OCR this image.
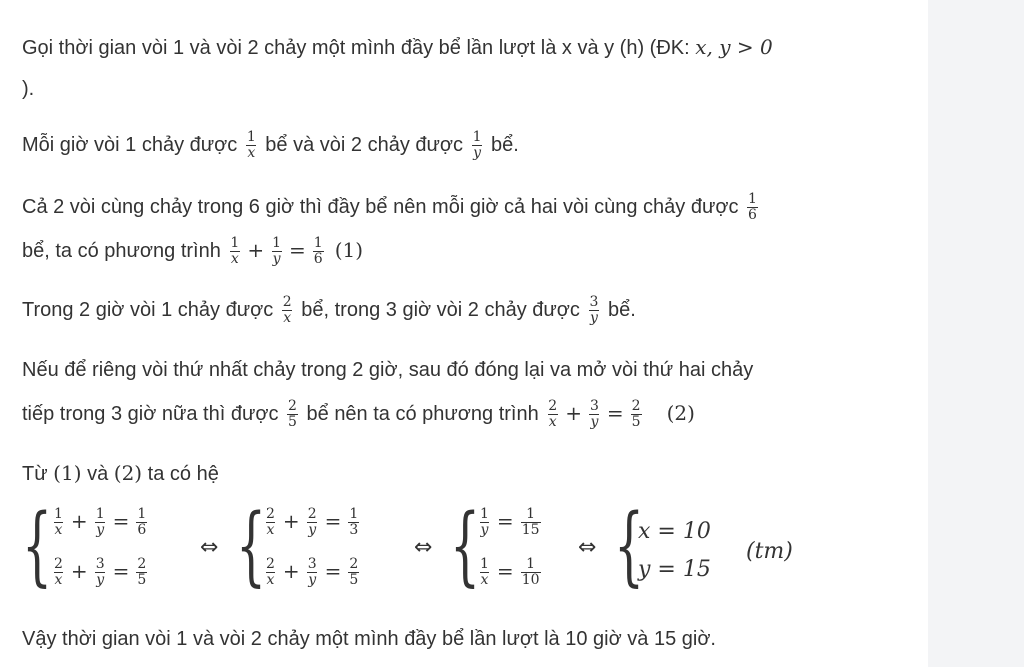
Gọi thời gian vòi 1 và vòi 2 chảy một mình đầy bể lần lượt là x và y (h) (ĐK: x, y > 0
).
Mỗi giờ vòi 1 chảy được $\frac{1}{x}$ bể và vòi 2 chảy được $\frac{1}{y}$ bể.
Cả 2 vòi cùng chảy trong 6 giờ thì đầy bể nên mỗi giờ cả hai vòi cùng chảy được $\frac{1}{6}$
bể, ta có phương trình $\frac{1}{x} + \frac{1}{y} = \frac{1}{6} (1)$
Trong 2 giờ vòi 1 chảy được $\frac{2}{x}$ bể, trong 3 giờ vòi 2 chảy được $\frac{3}{y}$ bể.
Nếu để riêng vòi thứ nhất chảy trong 2 giờ, sau đó đóng lại va mở vòi thứ hai chảy
tiếp trong 3 giờ nữa thì được $\frac{2}{5}$ bể nên ta có phương trình $\frac{2}{x} + \frac{3}{y} = \frac{2}{5} (2)$
Từ (1) và (2) ta có hệ
{ $\frac{1}{x} + \frac{1}{y} = \frac{1}{6}$
$\frac{2}{x} + \frac{3}{y} = \frac{2}{5}$
⇔ {
$\frac{2}{x} + \frac{2}{y} = \frac{1}{3}$
$\frac{2}{x} + \frac{3}{y} = \frac{2}{5}$
⇔ {
$\frac{1}{y} = \frac{1}{15}$
$\frac{1}{x} = \frac{1}{10}$
⇔ {
x = 10
y = 15
(tm)
Vậy thời gian vòi 1 và vòi 2 chảy một mình đầy bể lần lượt là 10 giờ và 15 giờ.
